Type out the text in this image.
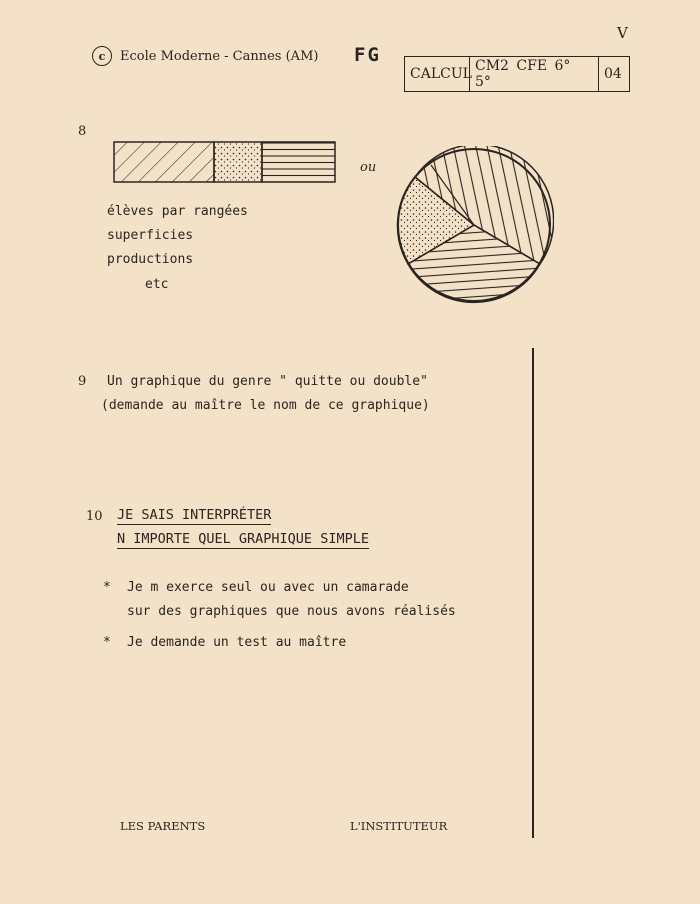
V
c	Ecole Moderne - Cannes (AM) FG
CALCUL CM2 CFE 6° 5°	04
8
ou
élèves par rangées
superficies
productions
etc
9 Un graphique du genre " quitte ou double"
(demande au maître le nom de ce graphique)
10 JE SAIS INTERPRÉTER
N IMPORTE QUEL GRAPHIQUE SIMPLE
* Je m exerce seul ou avec un camarade
sur des graphiques que nous avons réalisés
* Je demande un test au maître
LES PARENTS	L'INSTITUTEUR
